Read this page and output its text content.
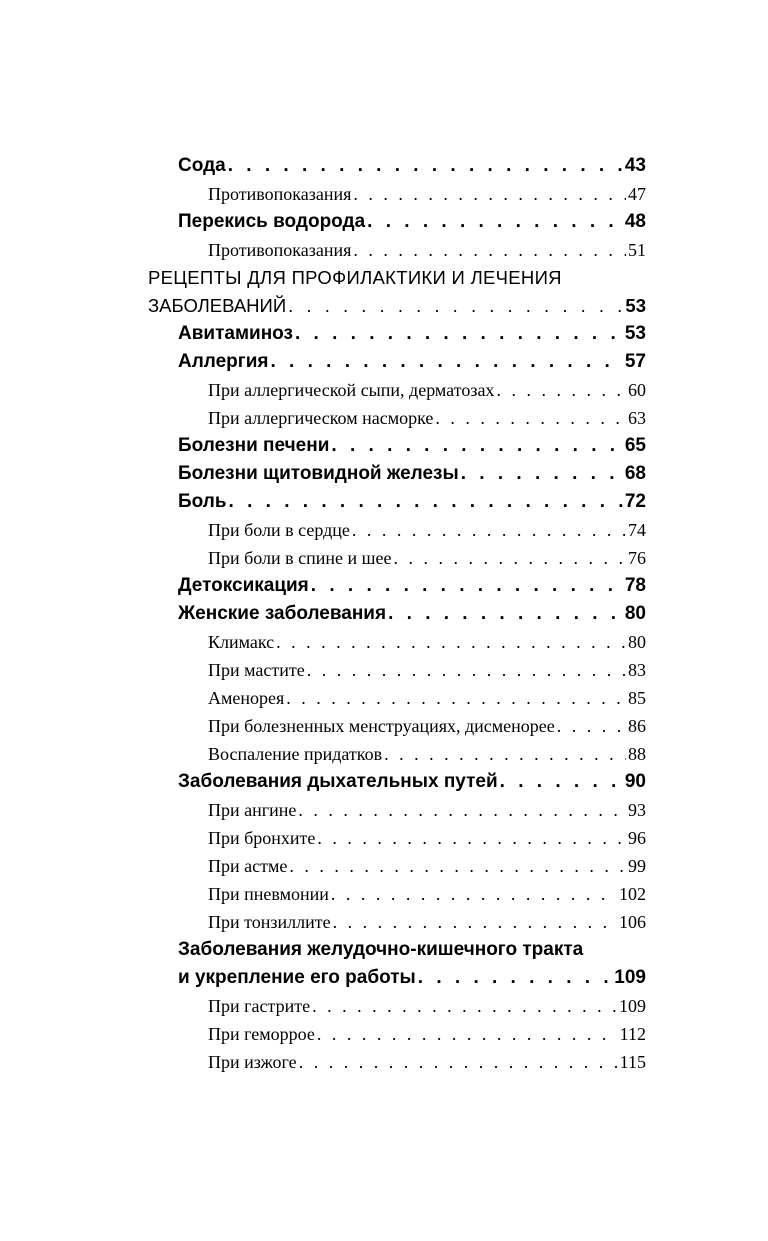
Сода . . .	43
Противопоказания . . .	47
Перекись водорода . . .	48
Противопоказания . . .	51
РЕЦЕПТЫ ДЛЯ ПРОФИЛАКТИКИ И ЛЕЧЕНИЯ
ЗАБОЛЕВАНИЙ . . .	53
Авитаминоз . . .	53
Аллергия . . .	57
При аллергической сыпи, дерматозах . . .	60
При аллергическом насморке . . .	63
Болезни печени . . .	65
Болезни щитовидной железы . . .	68
Боль . . .	72
При боли в сердце . . .	74
При боли в спине и шее . . .	76
Детоксикация . . .	78
Женские заболевания . . .	80
Климакс . . .	80
При мастите . . .	83
Аменорея . . .	85
При болезненных менструациях, дисменорее . . .	86
Воспаление придатков . . .	88
Заболевания дыхательных путей . . .	90
При ангине . . .	93
При бронхите . . .	96
При астме . . .	99
При пневмонии . . .	102
При тонзиллите . . .	106
Заболевания желудочно-кишечного тракта
и укрепление его работы . . .	109
При гастрите . . .	109
При геморрое . . .	112
При изжоге . . .	115
